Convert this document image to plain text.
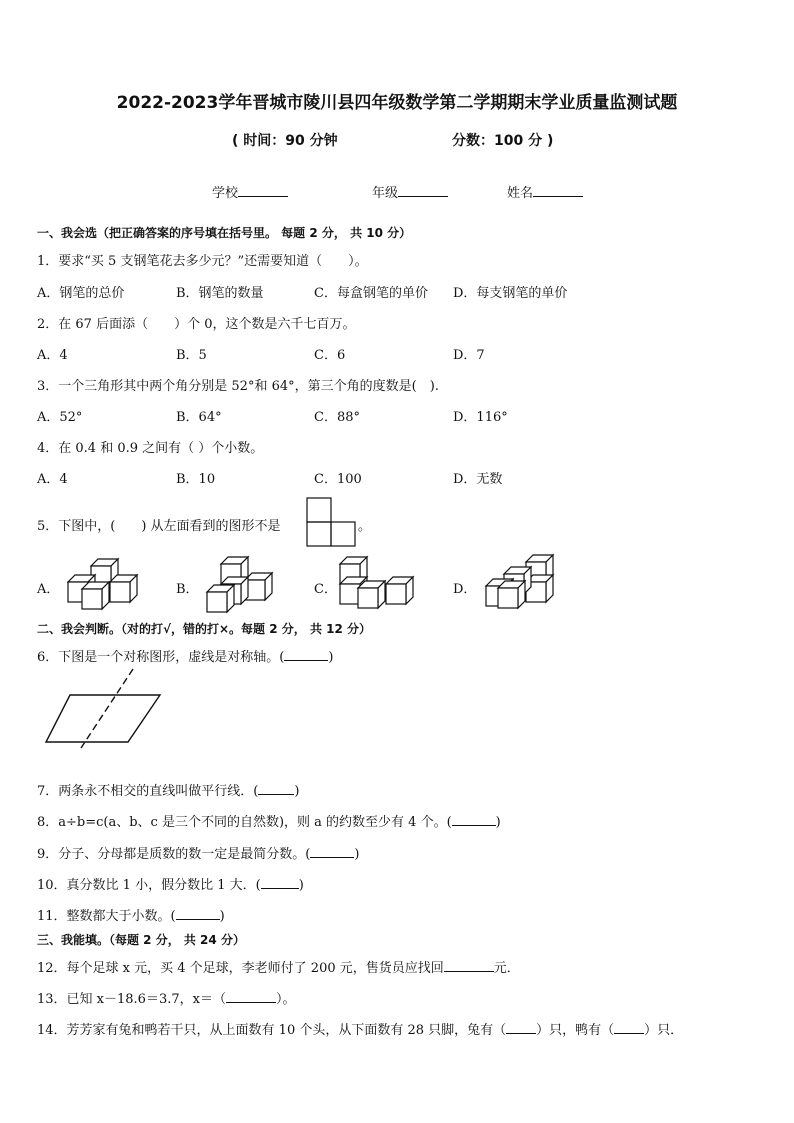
2022-2023学年晋城市陵川县四年级数学第二学期期末学业质量监测试题
( 时间：90 分钟	分数：100 分 )
学校	年级	姓名
一、我会选（把正确答案的序号填在括号里。 每题 2 分， 共 10 分）
1．要求“买 5 支钢笔花去多少元？”还需要知道（　　）。
A．钢笔的总价	B．钢笔的数量	C．每盒钢笔的单价 D．每支钢笔的单价
2．在 67 后面添（　　）个 0，这个数是六千七百万。
A．4	B．5	C．6	D．7
3．一个三角形其中两个角分别是 52°和 64°，第三个角的度数是(　).
A．52°	B．64°	C．88°	D．116°
4．在 0.4 和 0.9 之间有（ ）个小数。
A．4	B．10	C．100	D．无数
5．下图中，(　　) 从左面看到的图形不是	。
A．	B．	C．	D．
二、我会判断。（对的打√，错的打×。每题 2 分， 共 12 分）
6．下图是一个对称图形，虚线是对称轴。(	)
7．两条永不相交的直线叫做平行线．(	)
8．a÷b=c(a、b、c 是三个不同的自然数)，则 a 的约数至少有 4 个。(	)
9．分子、分母都是质数的数一定是最简分数。(	)
10．真分数比 1 小，假分数比 1 大．(	)
11．整数都大于小数。(	)
三、我能填。（每题 2 分， 共 24 分）
12．每个足球 x 元，买 4 个足球，李老师付了 200 元，售货员应找回	元．
13．已知 x－18.6＝3.7，x＝（	）。
14．芳芳家有兔和鸭若干只，从上面数有 10 个头，从下面数有 28 只脚，兔有（ ）只，鸭有（ ）只．
